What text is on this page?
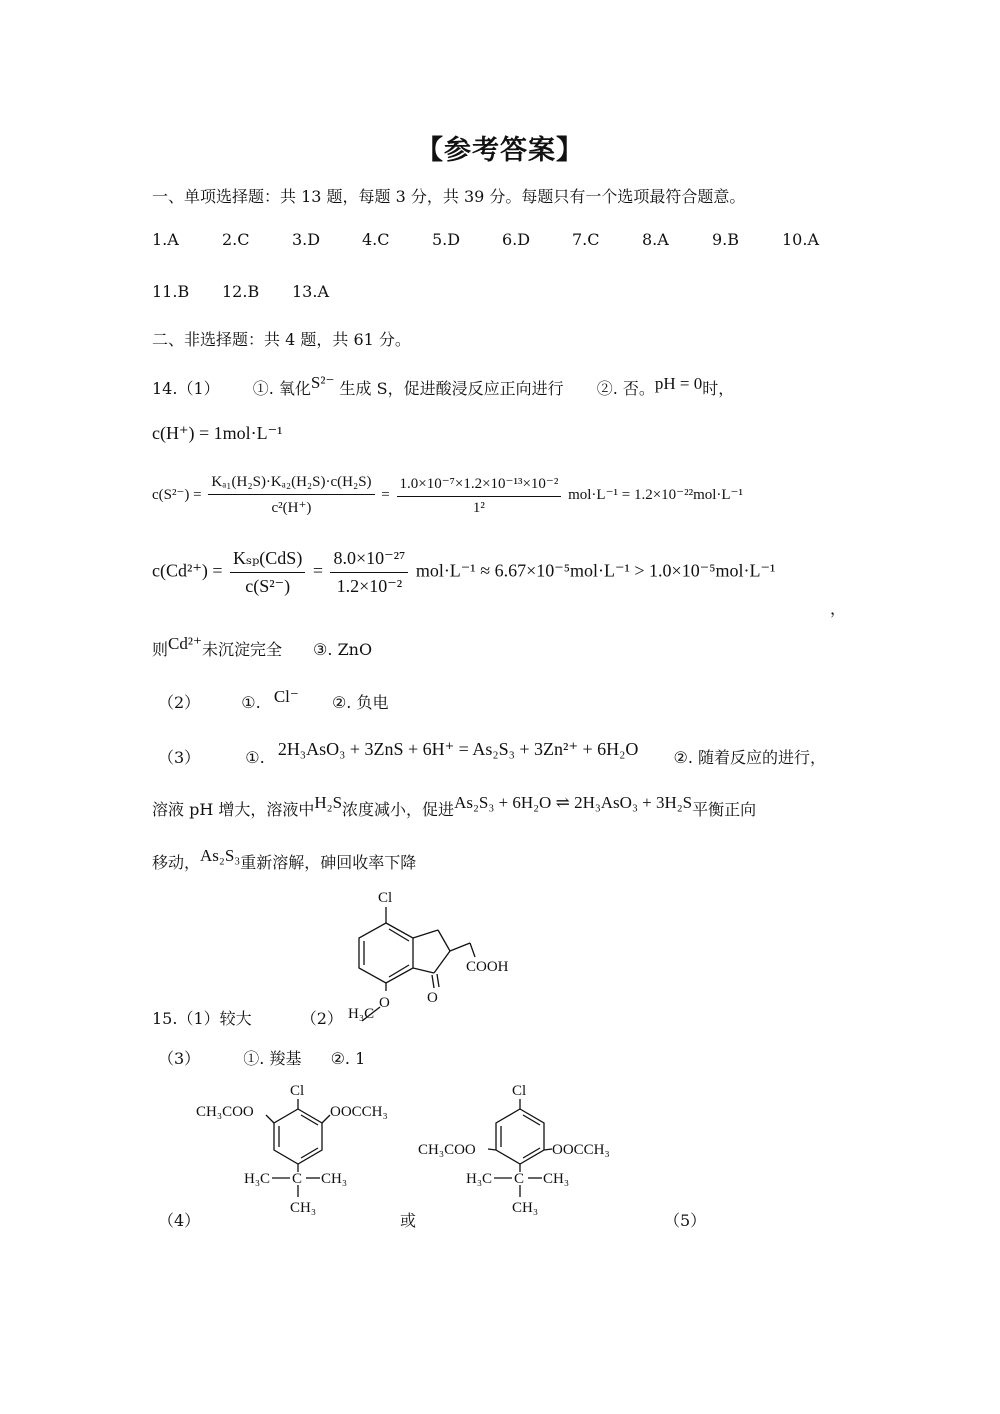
【参考答案】
一、单项选择题：共 13 题，每题 3 分，共 39 分。每题只有一个选项最符合题意。
1.A	2.C	3.D	4.C	5.D	6.D	7.C	8.A	9.B	10.A
11.B 12.B 13.A
二、非选择题：共 4 题，共 61 分。
14.（1） ①. 氧化S²⁻ 生成 S，促进酸浸反应正向进行 ②. 否。pH = 0时，
c(H⁺) = 1mol·L⁻¹
$c(S^{2-}) = \frac{\text{Kₐ₁(H₂S)·Kₐ₂(H₂S)·c(H₂S)}}{\text{c²(H⁺)}} = \frac{\text{1.0×10⁻⁷×1.2×10⁻¹³×10⁻²}}{\text{1²}} mol\cdot L^{-1} = 1.2\times 10^{-22}mol\cdot L^{-1}$
$c(Cd^{2+}) = \frac{\text{Kₛₚ(CdS)}}{\text{c(S²⁻)}} = \frac{\text{8.0×10⁻²⁷}}{\text{1.2×10⁻²}} mol\cdot L^{-1} \approx 6.67\times 10^{-5}mol\cdot L^{-1} > 1.0\times 10^{-5}mol\cdot L^{-1}$
，
则Cd²⁺未沉淀完全 ③. ZnO
（2）	①. Cl⁻ ②. 负电
（3）	①. 2H₃AsO₃ + 3ZnS + 6H⁺ = As₂S₃ + 3Zn²⁺ + 6H₂O ②. 随着反应的进行，
溶液 pH 增大，溶液中H₂S浓度减小，促进As₂S₃ + 6H₂O ⇌ 2H₃AsO₃ + 3H₂S平衡正向
移动，As₂S₃重新溶解，砷回收率下降
Cl
O
COOH
O
15.（1）较大	（2） H₃C
（3）	①. 羧基 ②. 1
Cl
CH₃COO	OOCCH₃
C
H₃C	CH₃
CH₃
Cl
CH₃COO	OOCCH₃
C
H₃C	CH₃
CH₃
（4）	或	（5）
